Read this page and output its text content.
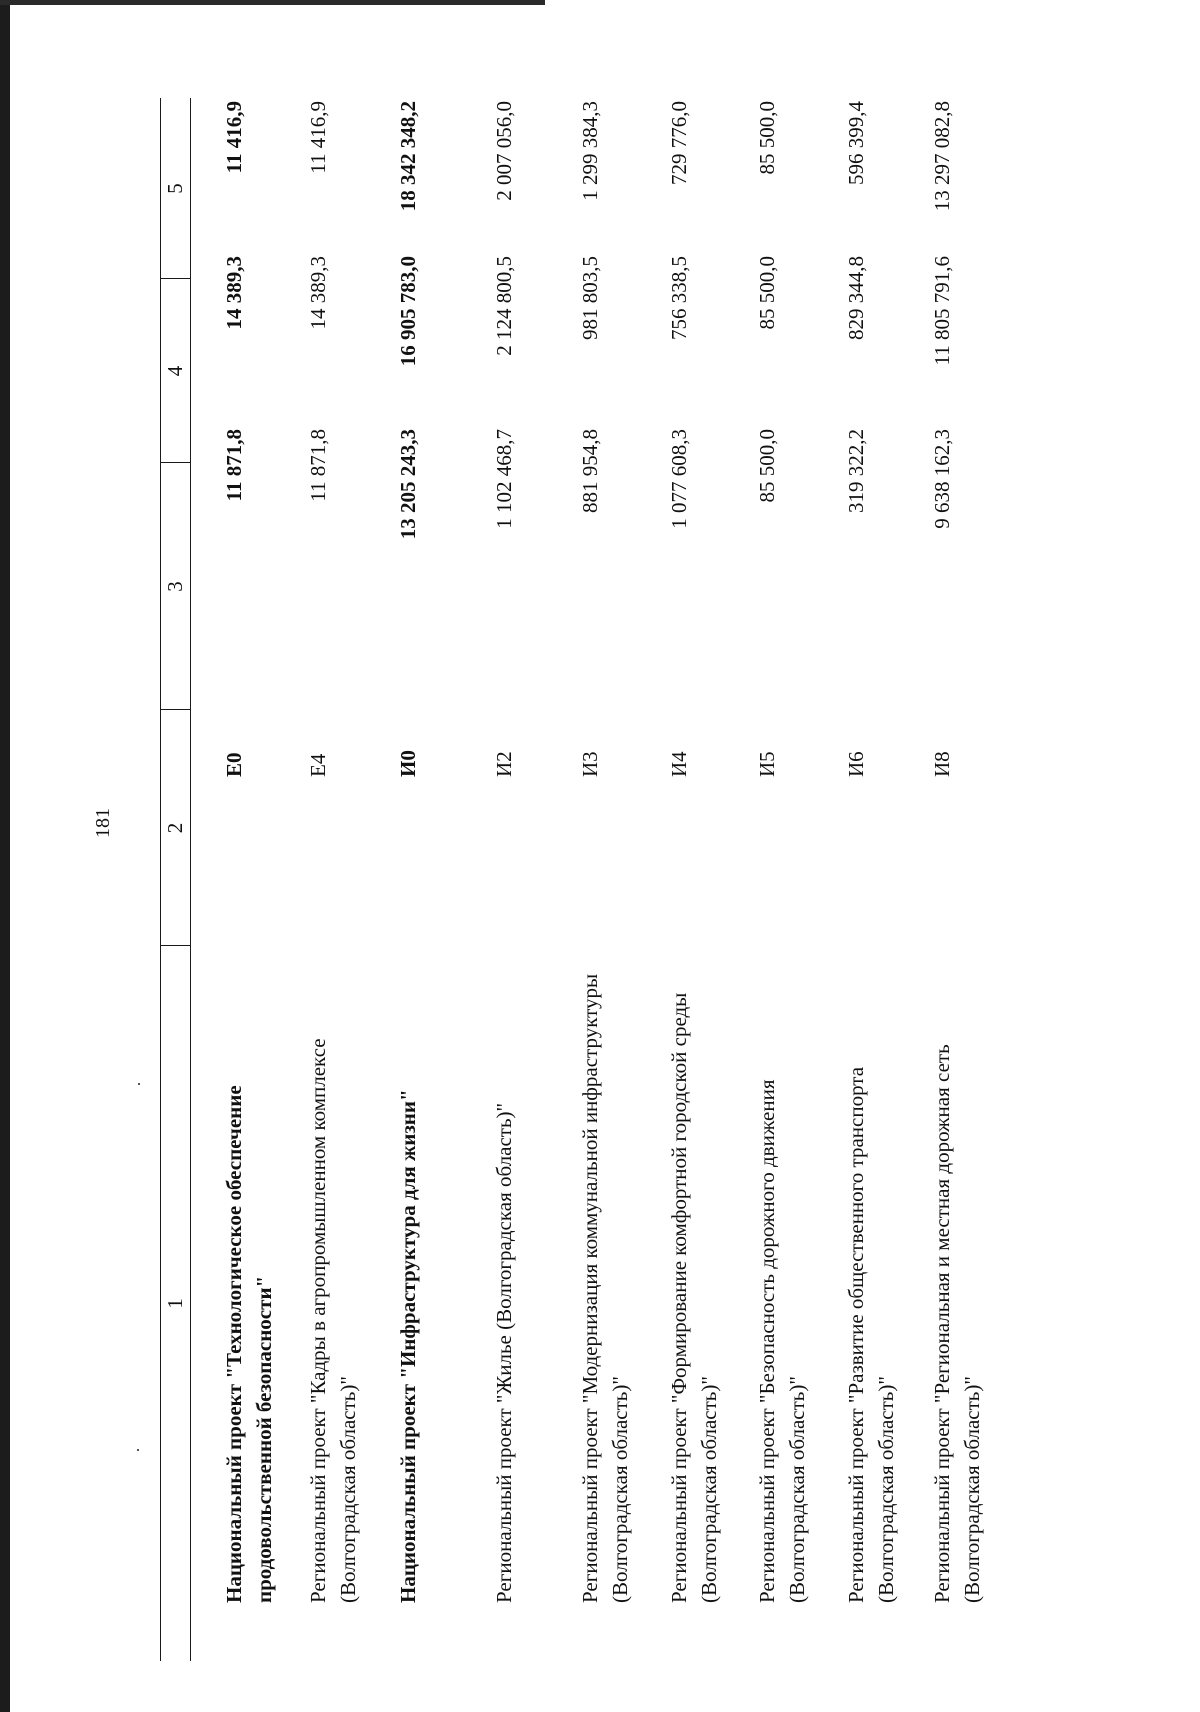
181
1
2
3
4
5
Национальный проект "Технологическое обеспечение продовольственной безопасности"
Е0
11 871,8
14 389,3
11 416,9
Региональный проект "Кадры в агропромышленном комплексе (Волгоградская область)"
Е4
11 871,8
14 389,3
11 416,9
Национальный проект "Инфраструктура для жизни"
И0
13 205 243,3
16 905 783,0
18 342 348,2
Региональный проект "Жилье (Волгоградская область)"
И2
1 102 468,7
2 124 800,5
2 007 056,0
Региональный проект "Модернизация коммунальной инфраструктуры (Волгоградская область)"
И3
881 954,8
981 803,5
1 299 384,3
Региональный проект "Формирование комфортной городской среды (Волгоградская область)"
И4
1 077 608,3
756 338,5
729 776,0
Региональный проект "Безопасность дорожного движения (Волгоградская область)"
И5
85 500,0
85 500,0
85 500,0
Региональный проект "Развитие общественного транспорта (Волгоградская область)"
И6
319 322,2
829 344,8
596 399,4
Региональный проект "Региональная и местная дорожная сеть (Волгоградская область)"
И8
9 638 162,3
11 805 791,6
13 297 082,8
